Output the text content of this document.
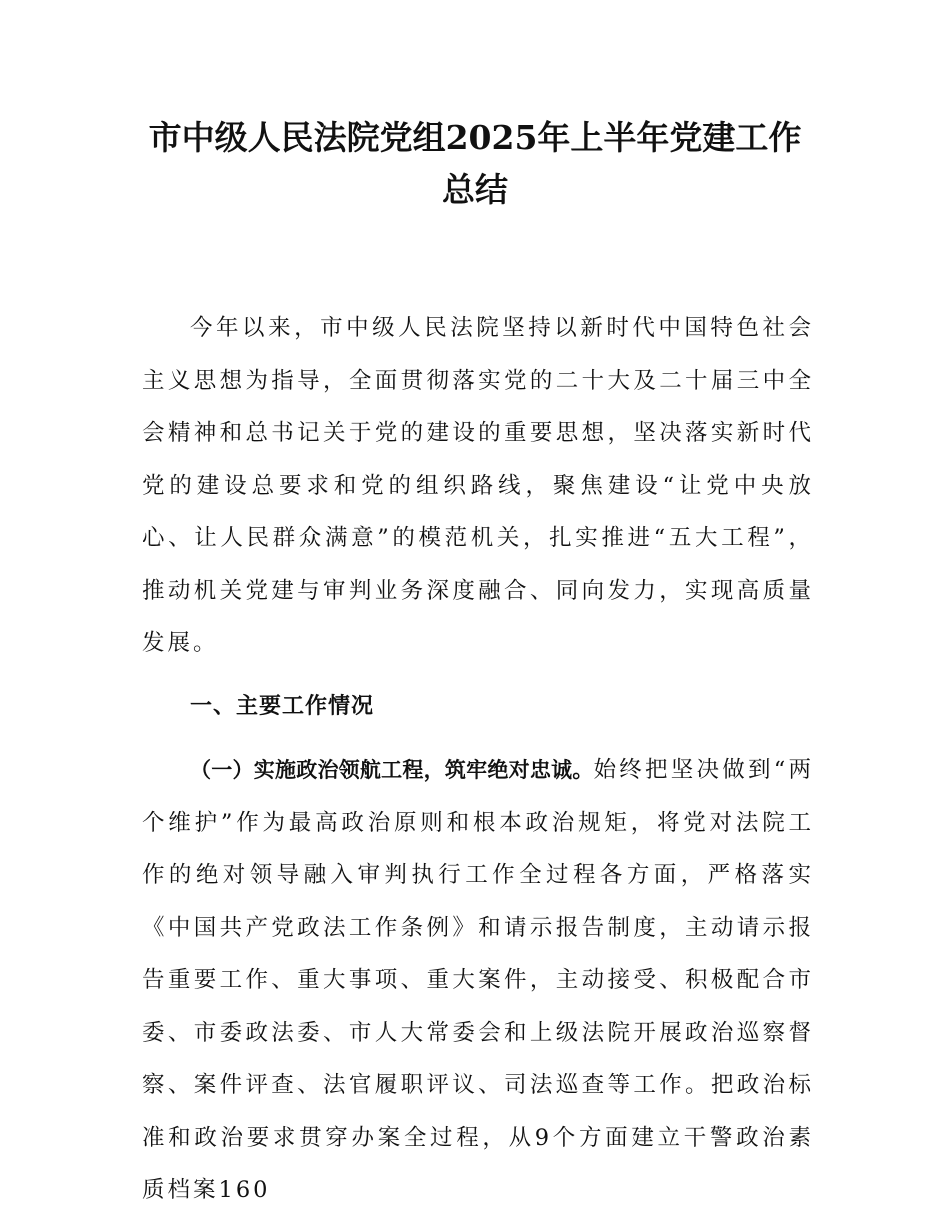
市中级人民法院党组2025年上半年党建工作
总结

今年以来，市中级人民法院坚持以新时代中国特色社会主义思想为指导，全面贯彻落实党的二十大及二十届三中全会精神和总书记关于党的建设的重要思想，坚决落实新时代党的建设总要求和党的组织路线，聚焦建设“让党中央放心、让人民群众满意”的模范机关，扎实推进“五大工程”，推动机关党建与审判业务深度融合、同向发力，实现高质量发展。

一、主要工作情况

（一）实施政治领航工程，筑牢绝对忠诚。始终把坚决做到“两个维护”作为最高政治原则和根本政治规矩，将党对法院工作的绝对领导融入审判执行工作全过程各方面，严格落实《中国共产党政法工作条例》和请示报告制度，主动请示报告重要工作、重大事项、重大案件，主动接受、积极配合市委、市委政法委、市人大常委会和上级法院开展政治巡察督察、案件评查、法官履职评议、司法巡查等工作。把政治标准和政治要求贯穿办案全过程，从9个方面建立干警政治素质档案160
